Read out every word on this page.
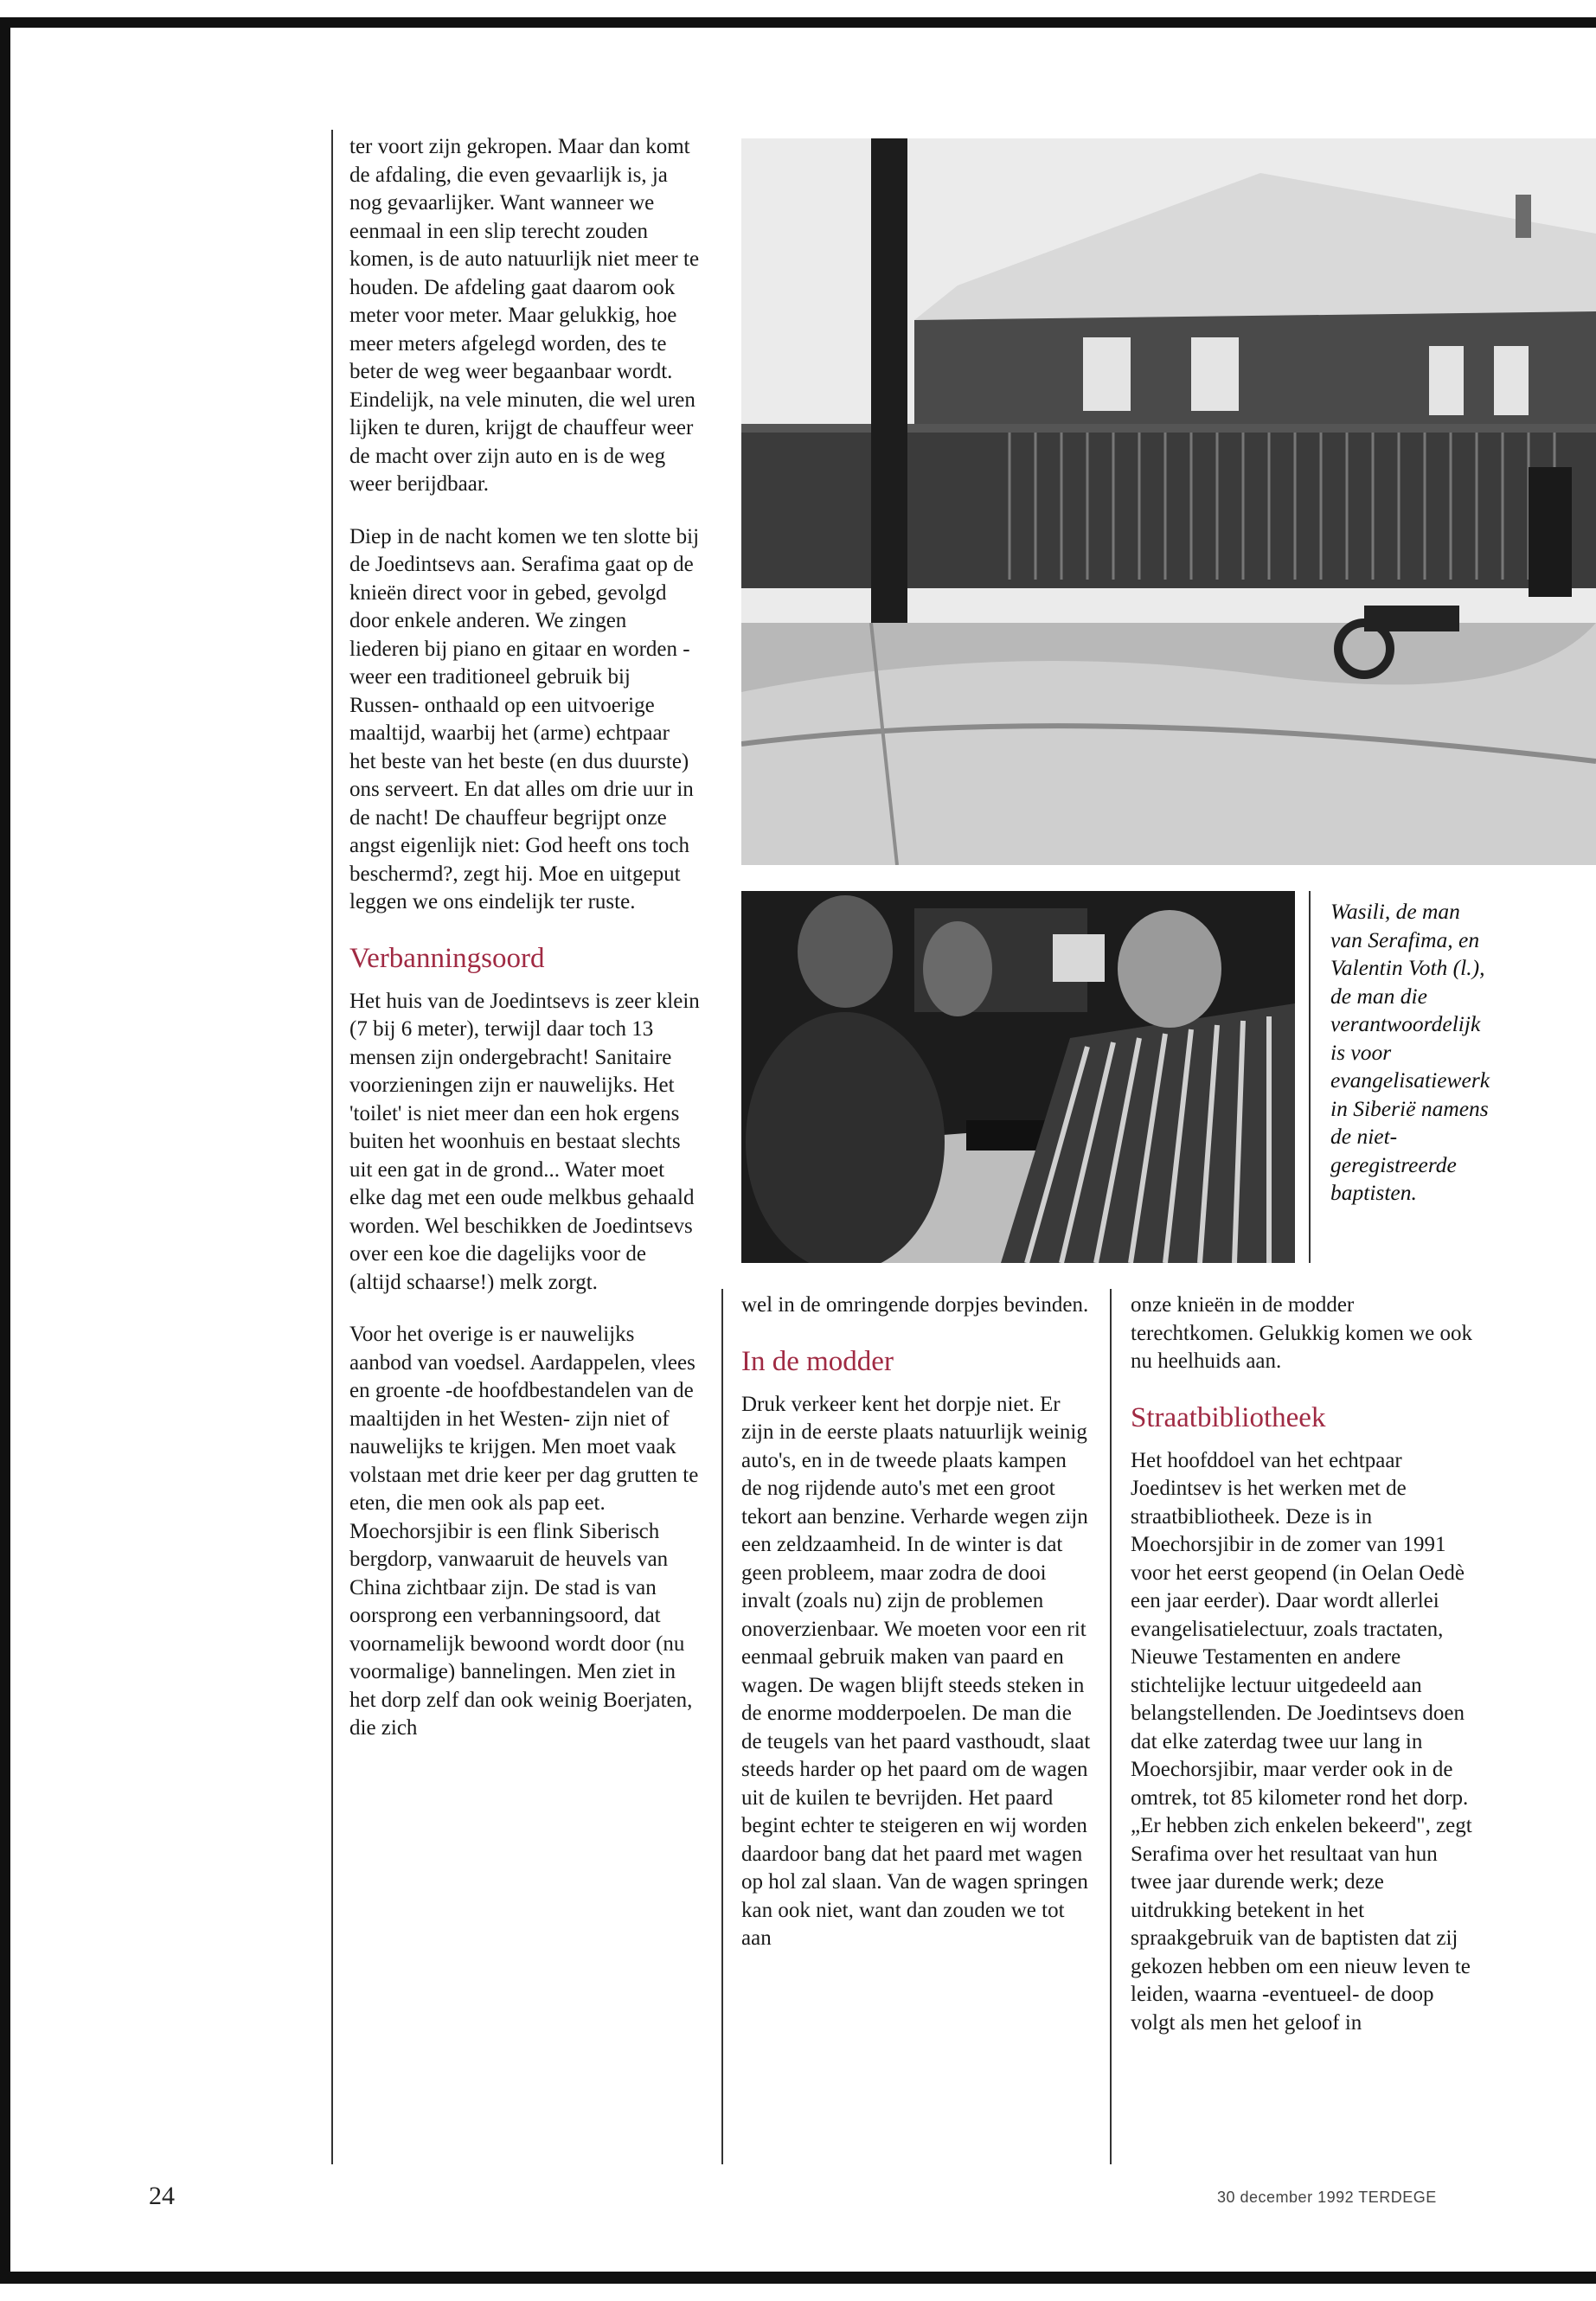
ter voort zijn gekropen. Maar dan komt de afdaling, die even gevaarlijk is, ja nog gevaarlijker. Want wanneer we eenmaal in een slip terecht zouden komen, is de auto natuurlijk niet meer te houden. De afdeling gaat daarom ook meter voor meter. Maar gelukkig, hoe meer meters afgelegd worden, des te beter de weg weer begaanbaar wordt. Eindelijk, na vele minuten, die wel uren lijken te duren, krijgt de chauffeur weer de macht over zijn auto en is de weg weer berijdbaar.

Diep in de nacht komen we ten slotte bij de Joedintsevs aan. Serafima gaat op de knieën direct voor in gebed, gevolgd door enkele anderen. We zingen liederen bij piano en gitaar en worden -weer een traditioneel gebruik bij Russen- onthaald op een uitvoerige maaltijd, waarbij het (arme) echtpaar het beste van het beste (en dus duurste) ons serveert. En dat alles om drie uur in de nacht! De chauffeur begrijpt onze angst eigenlijk niet: God heeft ons toch beschermd?, zegt hij. Moe en uitgeput leggen we ons eindelijk ter ruste.

Verbanningsoord

Het huis van de Joedintsevs is zeer klein (7 bij 6 meter), terwijl daar toch 13 mensen zijn ondergebracht! Sanitaire voorzieningen zijn er nauwelijks. Het 'toilet' is niet meer dan een hok ergens buiten het woonhuis en bestaat slechts uit een gat in de grond... Water moet elke dag met een oude melkbus gehaald worden. Wel beschikken de Joedintsevs over een koe die dagelijks voor de (altijd schaarse!) melk zorgt.

Voor het overige is er nauwelijks aanbod van voedsel. Aardappelen, vlees en groente -de hoofdbestandelen van de maaltijden in het Westen- zijn niet of nauwelijks te krijgen. Men moet vaak volstaan met drie keer per dag grutten te eten, die men ook als pap eet. Moechorsjibir is een flink Siberisch bergdorp, vanwaaruit de heuvels van China zichtbaar zijn. De stad is van oorsprong een verbanningsoord, dat voornamelijk bewoond wordt door (nu voormalige) bannelingen. Men ziet in het dorp zelf dan ook weinig Boerjaten, die zich

Wasili, de man van Serafima, en Valentin Voth (l.), de man die verantwoordelijk is voor evangelisatiewerk in Siberië namens de niet-geregistreerde baptisten.

wel in de omringende dorpjes bevinden.

In de modder

Druk verkeer kent het dorpje niet. Er zijn in de eerste plaats natuurlijk weinig auto's, en in de tweede plaats kampen de nog rijdende auto's met een groot tekort aan benzine. Verharde wegen zijn een zeldzaamheid. In de winter is dat geen probleem, maar zodra de dooi invalt (zoals nu) zijn de problemen onoverzienbaar. We moeten voor een rit eenmaal gebruik maken van paard en wagen. De wagen blijft steeds steken in de enorme modderpoelen. De man die de teugels van het paard vasthoudt, slaat steeds harder op het paard om de wagen uit de kuilen te bevrijden. Het paard begint echter te steigeren en wij worden daardoor bang dat het paard met wagen op hol zal slaan. Van de wagen springen kan ook niet, want dan zouden we tot aan

onze knieën in de modder terechtkomen. Gelukkig komen we ook nu heelhuids aan.

Straatbibliotheek

Het hoofddoel van het echtpaar Joedintsev is het werken met de straatbibliotheek. Deze is in Moechorsjibir in de zomer van 1991 voor het eerst geopend (in Oelan Oedè een jaar eerder). Daar wordt allerlei evangelisatielectuur, zoals tractaten, Nieuwe Testamenten en andere stichtelijke lectuur uitgedeeld aan belangstellenden. De Joedintsevs doen dat elke zaterdag twee uur lang in Moechorsjibir, maar verder ook in de omtrek, tot 85 kilometer rond het dorp. „Er hebben zich enkelen bekeerd", zegt Serafima over het resultaat van hun twee jaar durende werk; deze uitdrukking betekent in het spraakgebruik van de baptisten dat zij gekozen hebben om een nieuw leven te leiden, waarna -eventueel- de doop volgt als men het geloof in

24	30 december 1992 TERDEGE
